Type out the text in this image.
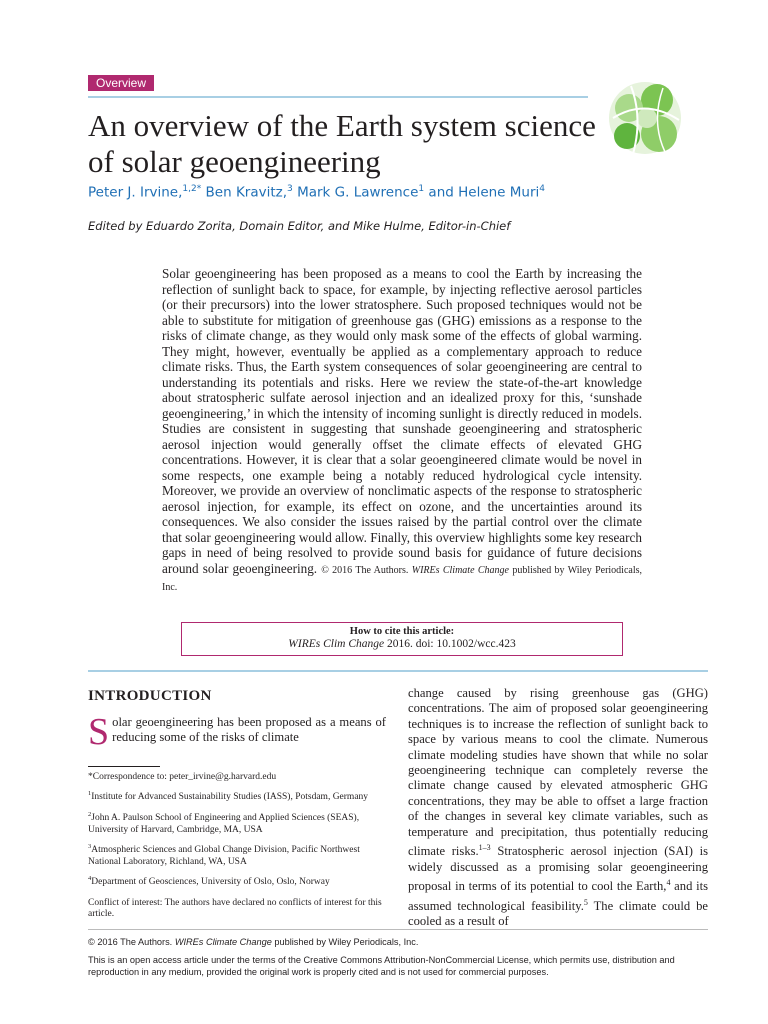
Overview
An overview of the Earth system science of solar geoengineering
Peter J. Irvine,$^{1,2*}$ Ben Kravitz,$^3$ Mark G. Lawrence$^1$ and Helene Muri$^4$
Edited by Eduardo Zorita, Domain Editor, and Mike Hulme, Editor-in-Chief

Solar geoengineering has been proposed as a means to cool the Earth by increasing the reflection of sunlight back to space, for example, by injecting reflective aerosol particles (or their precursors) into the lower stratosphere. Such proposed techniques would not be able to substitute for mitigation of greenhouse gas (GHG) emissions as a response to the risks of climate change, as they would only mask some of the effects of global warming. They might, however, eventually be applied as a complementary approach to reduce climate risks. Thus, the Earth system consequences of solar geoengineering are central to understanding its potentials and risks. Here we review the state-of-the-art knowledge about stratospheric sulfate aerosol injection and an idealized proxy for this, ‘sunshade geoengineering,’ in which the intensity of incoming sunlight is directly reduced in models. Studies are consistent in suggesting that sunshade geoengineering and stratospheric aerosol injection would generally offset the climate effects of elevated GHG concentrations. However, it is clear that a solar geoengineered climate would be novel in some respects, one example being a notably reduced hydrological cycle intensity. Moreover, we provide an overview of nonclimatic aspects of the response to stratospheric aerosol injection, for example, its effect on ozone, and the uncertainties around its consequences. We also consider the issues raised by the partial control over the climate that solar geoengineering would allow. Finally, this overview highlights some key research gaps in need of being resolved to provide sound basis for guidance of future decisions around solar geoengineering. © 2016 The Authors. WIREs Climate Change published by Wiley Periodicals, Inc.

How to cite this article:
WIREs Clim Change 2016. doi: 10.1002/wcc.423
INTRODUCTION

Solar geoengineering has been proposed as a means of reducing some of the risks of climate

*Correspondence to: peter_irvine@g.harvard.edu

$^1$Institute for Advanced Sustainability Studies (IASS), Potsdam, Germany

$^2$John A. Paulson School of Engineering and Applied Sciences (SEAS), University of Harvard, Cambridge, MA, USA

$^3$Atmospheric Sciences and Global Change Division, Pacific Northwest National Laboratory, Richland, WA, USA

$^4$Department of Geosciences, University of Oslo, Oslo, Norway

Conflict of interest: The authors have declared no conflicts of interest for this article.

change caused by rising greenhouse gas (GHG) concentrations. The aim of proposed solar geoengineering techniques is to increase the reflection of sunlight back to space by various means to cool the climate. Numerous climate modeling studies have shown that while no solar geoengineering technique can completely reverse the climate change caused by elevated atmospheric GHG concentrations, they may be able to offset a large fraction of the changes in several key climate variables, such as temperature and precipitation, thus potentially reducing climate risks.$^{1-3}$ Stratospheric aerosol injection (SAI) is widely discussed as a promising solar geoengineering proposal in terms of its potential to cool the Earth,$^4$ and its assumed technological feasibility.$^5$ The climate could be cooled as a result of

© 2016 The Authors. WIREs Climate Change published by Wiley Periodicals, Inc.

This is an open access article under the terms of the Creative Commons Attribution-NonCommercial License, which permits use, distribution and reproduction in any medium, provided the original work is properly cited and is not used for commercial purposes.
